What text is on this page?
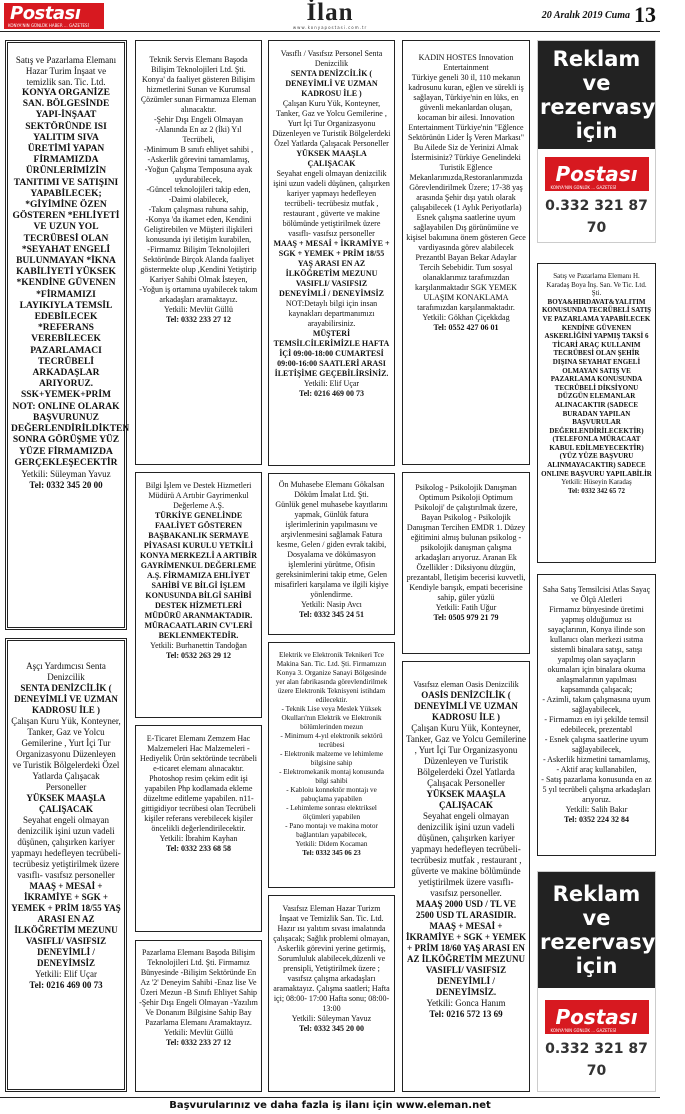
Postası
KONYA'NIN GÜNLÜK HABER ... GAZETESİ	İlan
www.konyapostasi.com.tr
20 Aralık 2019 Cuma 13
Satış ve Pazarlama Elemanı
Hazar Turim İnşaat ve temizlik san. Tic. Ltd.
KONYA ORGANİZE SAN. BÖLGESİNDE YAPI-İNŞAAT SEKTÖRÜNDE ISI YALITIM SIVA ÜRETİMİ YAPAN FİRMAMIZDA ÜRÜNLERİMİZİN TANITIMI VE SATIŞINI YAPABİLECEK; *GİYİMİNE ÖZEN GÖSTEREN *EHLİYETİ VE UZUN YOL TECRÜBESİ OLAN *SEYAHAT ENGELİ BULUNMAYAN *İKNA KABİLİYETİ YÜKSEK *KENDİNE GÜVENEN *FİRMAMIZI LAYIKIYLA TEMSİL EDEBİLECEK *REFERANS VEREBİLECEK PAZARLAMACI TECRÜBELİ ARKADAŞLAR ARIYORUZ. SSK+YEMEK+PRİM NOT: ONLINE OLARAK BAŞVURUNUZ DEĞERLENDİRİLDİKTEN SONRA GÖRÜŞME YÜZ YÜZE FİRMAMIZDA GERÇEKLEŞECEKTİR
Yetkili: Süleyman Yavuz
Tel: 0332 345 20 00
Aşçı Yardımcısı Senta Denizcilik
SENTA DENİZCİLİK ( DENEYİMLİ VE UZMAN KADROSU İLE )
Çalışan Kuru Yük, Konteyner, Tanker, Gaz ve Yolcu Gemilerine , Yurt İçi Tur Organizasyonu Düzenleyen ve Turistik Bölgelerdeki Özel Yatlarda Çalışacak Personeller
YÜKSEK MAAŞLA ÇALIŞACAK
Seyahat engeli olmayan denizcilik işini uzun vadeli düşünen, çalışırken kariyer yapmayı hedefleyen tecrübeli- tecrübesiz yetiştirilmek üzere vasıflı- vasıfsız personeller
MAAŞ + MESAİ + İKRAMİYE + SGK + YEMEK + PRİM 18/55 YAŞ ARASI EN AZ İLKÖĞRETİM MEZUNU VASIFLI/ VASIFSIZ DENEYİMLİ / DENEYİMSİZ
Yetkili: Elif Uçar
Tel: 0216 469 00 73
Teknik Servis Elemanı Başoda Bilişim Teknolojileri Ltd. Şti. Konya' da faaliyet gösteren Bilişim hizmetlerini Sunan ve Kurumsal Çözümler sunan Firmamıza Eleman alınacaktır.
-Şehir Dışı Engeli Olmayan
-Alanında En az 2 (İki) Yıl Tecrübeli,
-Minimum B sınıfı ehliyet sahibi ,
-Askerlik görevini tamamlamış,
-Yoğun Çalışma Temposuna ayak uydurabilecek,
-Güncel teknolojileri takip eden,
-Daimi olabilecek,
-Takım çalışması ruhuna sahip,
-Konya 'da ikamet eden, Kendini Geliştirebilen ve Müşteri ilişkileri konusunda iyi iletişim kurabilen,
-Firmamız Bilişim Teknolojileri Sektöründe Birçok Alanda faaliyet göstermekte olup ,Kendini Yetiştirip Kariyer Sahibi Olmak İsteyen,
-Yoğun iş ortamına uyabilecek takım arkadaşları aramaktayız.
Yetkili: Mevlüt Güllü
Tel: 0332 233 27 12
Bilgi İşlem ve Destek Hizmetleri Müdürü A Artıbir Gayrimenkul Değerleme A.Ş.
TÜRKİYE GENELİNDE FAALİYET GÖSTEREN BAŞBAKANLIK SERMAYE PİYASASI KURULU YETKİLİ KONYA MERKEZLİ A ARTIBİR GAYRİMENKUL DEĞERLEME A.Ş. FİRMAMIZA EHLİYET SAHİBİ VE BİLGİ İŞLEM KONUSUNDA BİLGİ SAHİBİ DESTEK HİZMETLERİ MÜDÜRÜ ARANMAKTADIR. MÜRACAATLARIN CV'LERİ BEKLENMEKTEDİR.
Yetkili: Burhanettin Tandoğan
Tel: 0532 263 29 12
E-Ticaret Elemanı Zemzem Hac Malzemeleri Hac Malzemeleri - Hediyelik Ürün sektöründe tecrübeli e-ticaret elemanı alınacaktır. Photoshop resim çekim edit işi yapabilen Php kodlamada ekleme düzeltme editleme yapabilen. n11-gittigidiyor tecrübesi olan Tecrübeli kişiler referans verebilecek kişiler öncelikli değerlendirilecektir.
Yetkili: İbrahim Kayhan
Tel: 0332 233 68 58
Pazarlama Elemanı Başoda Bilişim Teknolojileri Ltd. Şti. Firmamız Bünyesinde -Bilişim Sektöründe En Az '2' Deneyim Sahibi -Enaz lise Ve Üzeri Mezun -B Sınıfı Ehliyet Sahip -Şehir Dışı Engeli Olmayan -Yazılım Ve Donanım Bilgisine Sahip Bay Pazarlama Elemanı Aramaktayız.
Yetkili: Mevlüt Güllü
Tel: 0332 233 27 12
Vasıflı / Vasıfsız Personel Senta Denizcilik
SENTA DENİZCİLİK ( DENEYİMLİ VE UZMAN KADROSU İLE )
Çalışan Kuru Yük, Konteyner, Tanker, Gaz ve Yolcu Gemilerine , Yurt İçi Tur Organizasyonu Düzenleyen ve Turistik Bölgelerdeki Özel Yatlarda Çalışacak Personeller
YÜKSEK MAAŞLA ÇALIŞACAK
Seyahat engeli olmayan denizcilik işini uzun vadeli düşünen, çalışırken kariyer yapmayı hedefleyen tecrübeli- tecrübesiz mutfak , restaurant , güverte ve makine bölümünde yetiştirilmek üzere vasıflı- vasıfsız personeller
MAAŞ + MESAİ + İKRAMİYE + SGK + YEMEK + PRİM 18/55 YAŞ ARASI EN AZ İLKÖĞRETİM MEZUNU VASIFLI/ VASIFSIZ DENEYİMLİ / DENEYİMSİZ
NOT:Detaylı bilgi için insan kaynakları departmanımızı arayabilirsiniz.
MÜŞTERİ TEMSİLCİLERİMİZLE HAFTA İÇİ 09:00-18:00 CUMARTESİ 09:00-16:00 SAATLERİ ARASI İLETİŞİME GEÇEBİLİRSİNİZ.
Yetkili: Elif Uçar
Tel: 0216 469 00 73
Ön Muhasebe Elemanı Gökalsan Döküm İmalat Ltd. Şti.
Günlük genel muhasebe kayıtlarını yapmak, Günlük fatura işlerimlerinin yapılmasını ve arşivlenmesini sağlamak Fatura kesme, Gelen / giden evrak takibi, Dosyalama ve dökümasyon işlemlerini yürütme, Ofisin gereksinimlerini takip etme, Gelen misafirleri karşılama ve ilgili kişiye yönlendirme.
Yetkili: Nasip Avcı
Tel: 0332 345 24 51
Elektrik ve Elektronik Teknikeri Tce Makina San. Tic. Ltd. Şti. Firmamızın Konya 3. Organize Sanayi Bölgesinde yer alan fabrikasında görevlendirilmek üzere Elektronik Teknisyeni istihdam edilecektir.
- Teknik Lise veya Meslek Yüksek Okulları'nın Elektrik ve Elektronik bölümlerinden mezun
- Minimum 4-yıl elektronik sektörü tecrübesi
- Elektronik malzeme ve lehimleme bilgisine sahip
- Elektromekanik montaj konusunda bilgi sahibi
- Kabloiu konnektör montajı ve pabuçlama yapabilen
- Lehimleme sonrası elektriksel ölçümleri yapabilen
- Pano montajı ve makina motor bağlantıları yapabilecek,
Yetkili: Didem Kocaman
Tel: 0332 345 06 23
Vasıfsız Eleman Hazar Turizm İnşaat ve Temizlik San. Tic. Ltd. Hazır ısı yalıtım sıvası imalatında çalışacak; Sağlık problemi olmayan, Askerlik görevini yerine getirmiş, Sorumluluk alabilecek,düzenli ve prensipli, Yetiştirilmek üzere ; vasıfsız çalışma arkadaşları aramaktayız. Çalışma saatleri; Hafta içi; 08:00- 17:00 Hafta sonu; 08:00- 13:00
Yetkili: Süleyman Yavuz
Tel: 0332 345 20 00
KADIN HOSTES Innovation Entertainment
Türkiye geneli 30 il, 110 mekanın kadrosunu kuran, eğlen ve sürekli iş sağlayan, Türkiye'nin en lüks, en güvenli mekanlardan oluşan, kocaman bir ailesi. Innovation Entertainment Türkiye'nin "Eğlence Sektörünün Lider İş Veren Markası" Bu Ailede Siz de Yerinizi Almak İstermisiniz? Türkiye Genelindeki Turistik Eğlence Mekanlarımızda,Restoranlarımızda Görevlendirilmek Üzere; 17-38 yaş arasında Şehir dışı yatılı olarak çalışabilecek (1 Aylık Periyotlarla) Esnek çalışma saatlerine uyum sağlayabilen Dış görünümüne ve kişisel bakımına önem gösteren Gece vardiyasında görev alabilecek Prezantbl Bayan Bekar Adaylar Tercih Sebebidir. Tum sosyal olanaklarımız tarafımızdan karşılanmaktadır SGK YEMEK ULAŞIM KONAKLAMA tarafımızdan karşılanmaktadır.
Yetkili: Gökhan Çiçekkdag
Tel: 0552 427 06 01
Psikolog - Psikolojik Danışman Optimum Psikoloji Optimum Psikoloji' de çalıştırılmak üzere, Bayan Psikolog - Psikolojik Danışman Tercihen EMDR 1. Düzey eğitimini almış bulunan psikolog -psikolojik danışman çalışma arkadaşları arıyoruz. Aranan Ek Özellikler : Diksiyonu düzgün, prezantabl, İletişim becerisi kuvvetli, Kendiyle barışık, empati becerisine sahip, güler yüzlü
Yetkili: Fatih Uğur
Tel: 0505 979 21 79
Vasıfsız eleman Oasis Denizcilik
OASİS DENİZCİLİK ( DENEYİMLİ VE UZMAN KADROSU İLE )
Çalışan Kuru Yük, Konteyner, Tanker, Gaz ve Yolcu Gemilerine , Yurt İçi Tur Organizasyonu Düzenleyen ve Turistik Bölgelerdeki Özel Yatlarda Çalışacak Personeller
YÜKSEK MAAŞLA ÇALIŞACAK
Seyahat engeli olmayan denizcilik işini uzun vadeli düşünen, çalışırken kariyer yapmayı hedefleyen tecrübeli- tecrübesiz mutfak , restaurant , güverte ve makine bölümünde yetiştirilmek üzere vasıflı- vasıfsız personeller.
MAAŞ 2000 USD / TL VE 2500 USD TL ARASIDIR. MAAŞ + MESAİ + İKRAMİYE + SGK + YEMEK + PRİM 18/60 YAŞ ARASI EN AZ İLKÖĞRETİM MEZUNU VASIFLI/ VASIFSIZ DENEYİMLİ / DENEYİMSİZ.
Yetkili: Gonca Hanım
Tel: 0216 572 13 69
Reklam ve rezervasyon için
Postası
KONYA'NIN GÜNLÜK ... GAZETESİ
0.332 321 87 70
Satış ve Pazarlama Elemanı H. Karadaş Boya İnş. San. Ve Tic. Ltd. Şti.
BOYA&HIRDAVAT&YALITIM KONUSUNDA TECRÜBELİ SATIŞ VE PAZARLAMA YAPABİLECEK KENDİNE GÜVENEN ASKERLİĞİNİ YAPMIŞ TAKSİ 6 TİCARİ ARAÇ KULLANIM TECRÜBESİ OLAN ŞEHİR DIŞINA SEYAHAT ENGELİ OLMAYAN SATIŞ VE PAZARLAMA KONUSUNDA TECRÜBELİ DİKSİYONU DÜZGÜN ELEMANLAR ALINACAKTIR (SADECE BURADAN YAPILAN BAŞVURULAR DEĞERLENDİRİLECEKTİR) (TELEFONLA MÜRACAAT KABUL EDİLMEYECEKTİR) (YÜZ YÜZE BAŞVURU ALINMAYACAKTIR) SADECE ONLINE BAŞVURU YAPILABİLİR
Yetkili: Hüseyin Karadaş
Tel: 0332 342 65 72
Saha Satış Temsilcisi Atlas Sayaç ve Ölçü Aletleri
Firmamız bünyesinde üretimi yapmış olduğumuz ısı sayaçlarının, Konya ilinde son kullanıcı olan merkezi ısıtma sistemli binalara satışı, satışı yapılmış olan sayaçların okumaları için binalara okuma anlaşmalarının yapılması kapsamında çalışacak;
- Azimli, takım çalışmasına uyum sağlayabilecek,
- Firmamızı en iyi şekilde temsil edebilecek, prezentabl
- Esnek çalışma saatlerine uyum sağlayabilecek,
- Askerlik hizmetini tamamlamış,
- Aktif araç kullanabilen,
- Satış pazarlama konusunda en az 5 yıl tecrübeli çalışma arkadaşları arıyoruz.
Yetkili: Salih Bakır
Tel: 0352 224 32 84
Reklam ve rezervasyon için
Postası
KONYA'NIN GÜNLÜK ... GAZETESİ
0.332 321 87 70
Başvurularınız ve daha fazla iş ilanı için www.eleman.net
